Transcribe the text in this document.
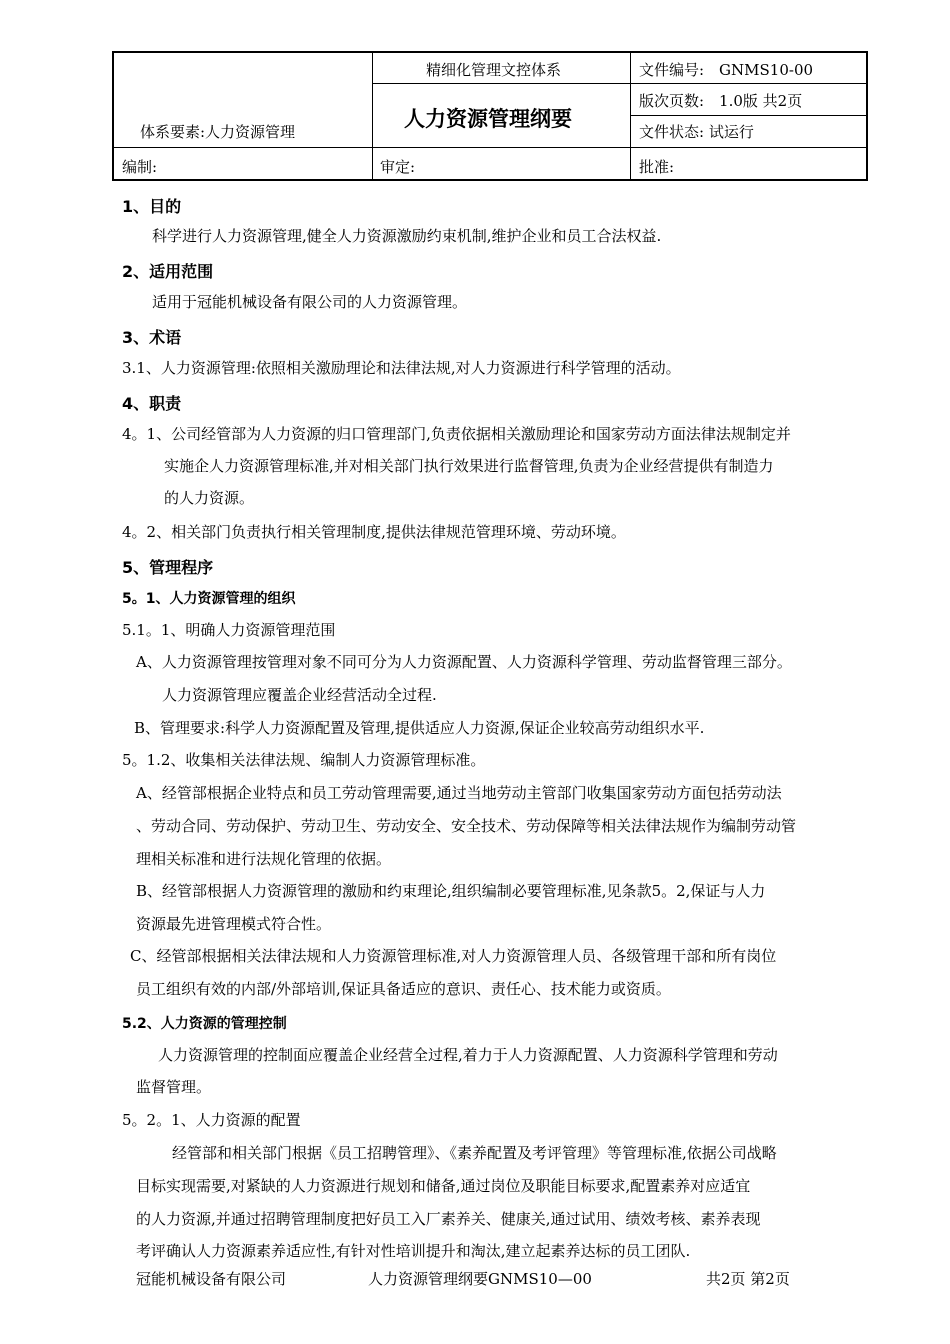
精细化管理文控体系
人力资源管理纲要
文件编号:　GNMS10-00
版次页数:　1.0版 共2页
文件状态: 试运行
体系要素:人力资源管理
编制:	审定:	批准:
1、目的
科学进行人力资源管理,健全人力资源激励约束机制,维护企业和员工合法权益.
2、适用范围
适用于冠能机械设备有限公司的人力资源管理。
3、术语
3.1、人力资源管理:依照相关激励理论和法律法规,对人力资源进行科学管理的活动。
4、职责
4。1、公司经管部为人力资源的归口管理部门,负责依据相关激励理论和国家劳动方面法律法规制定并
实施企人力资源管理标准,并对相关部门执行效果进行监督管理,负责为企业经营提供有制造力
的人力资源。
4。2、相关部门负责执行相关管理制度,提供法律规范管理环境、劳动环境。
5、管理程序
5。1、人力资源管理的组织
5.1。1、明确人力资源管理范围
A、人力资源管理按管理对象不同可分为人力资源配置、人力资源科学管理、劳动监督管理三部分。
人力资源管理应覆盖企业经营活动全过程.
B、管理要求:科学人力资源配置及管理,提供适应人力资源,保证企业较高劳动组织水平.
5。1.2、收集相关法律法规、编制人力资源管理标准。
A、经管部根据企业特点和员工劳动管理需要,通过当地劳动主管部门收集国家劳动方面包括劳动法
、劳动合同、劳动保护、劳动卫生、劳动安全、安全技术、劳动保障等相关法律法规作为编制劳动管
理相关标准和进行法规化管理的依据。
B、经管部根据人力资源管理的激励和约束理论,组织编制必要管理标准,见条款5。2,保证与人力
资源最先进管理模式符合性。
C、经管部根据相关法律法规和人力资源管理标准,对人力资源管理人员、各级管理干部和所有岗位
员工组织有效的内部/外部培训,保证具备适应的意识、责任心、技术能力或资质。
5.2、人力资源的管理控制
人力资源管理的控制面应覆盖企业经营全过程,着力于人力资源配置、人力资源科学管理和劳动
监督管理。
5。2。1、人力资源的配置
经管部和相关部门根据《员工招聘管理》、《素养配置及考评管理》等管理标准,依据公司战略
目标实现需要,对紧缺的人力资源进行规划和储备,通过岗位及职能目标要求,配置素养对应适宜
的人力资源,并通过招聘管理制度把好员工入厂素养关、健康关,通过试用、绩效考核、素养表现
考评确认人力资源素养适应性,有针对性培训提升和淘汰,建立起素养达标的员工团队.
冠能机械设备有限公司	人力资源管理纲要GNMS10—00	共2页 第2页
